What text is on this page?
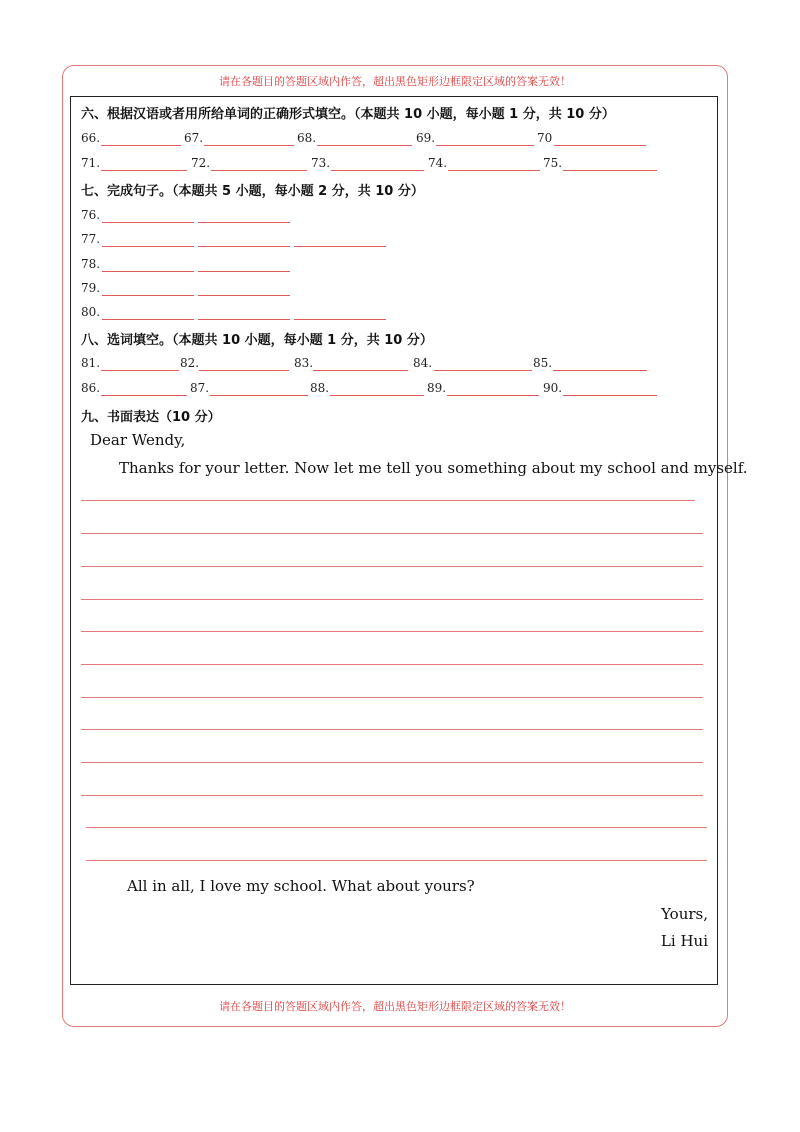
请在各题目的答题区域内作答，超出黑色矩形边框限定区域的答案无效！
六、根据汉语或者用所给单词的正确形式填空。（本题共 10 小题，每小题 1 分，共 10 分）
66.	67.	68.	69.	70
71.	72.	73.	74.	75.
七、完成句子。（本题共 5 小题，每小题 2 分，共 10 分）
76.
77.
78.
79.
80.
八、选词填空。（本题共 10 小题，每小题 1 分，共 10 分）
81.	82.	83.	84.	85.
86.	87.	88.	89.	90.
九、书面表达（10 分）
Dear Wendy,
Thanks for your letter. Now let me tell you something about my school and myself.
All in all, I love my school. What about yours?
Yours,
Li Hui
请在各题目的答题区域内作答，超出黑色矩形边框限定区域的答案无效！
